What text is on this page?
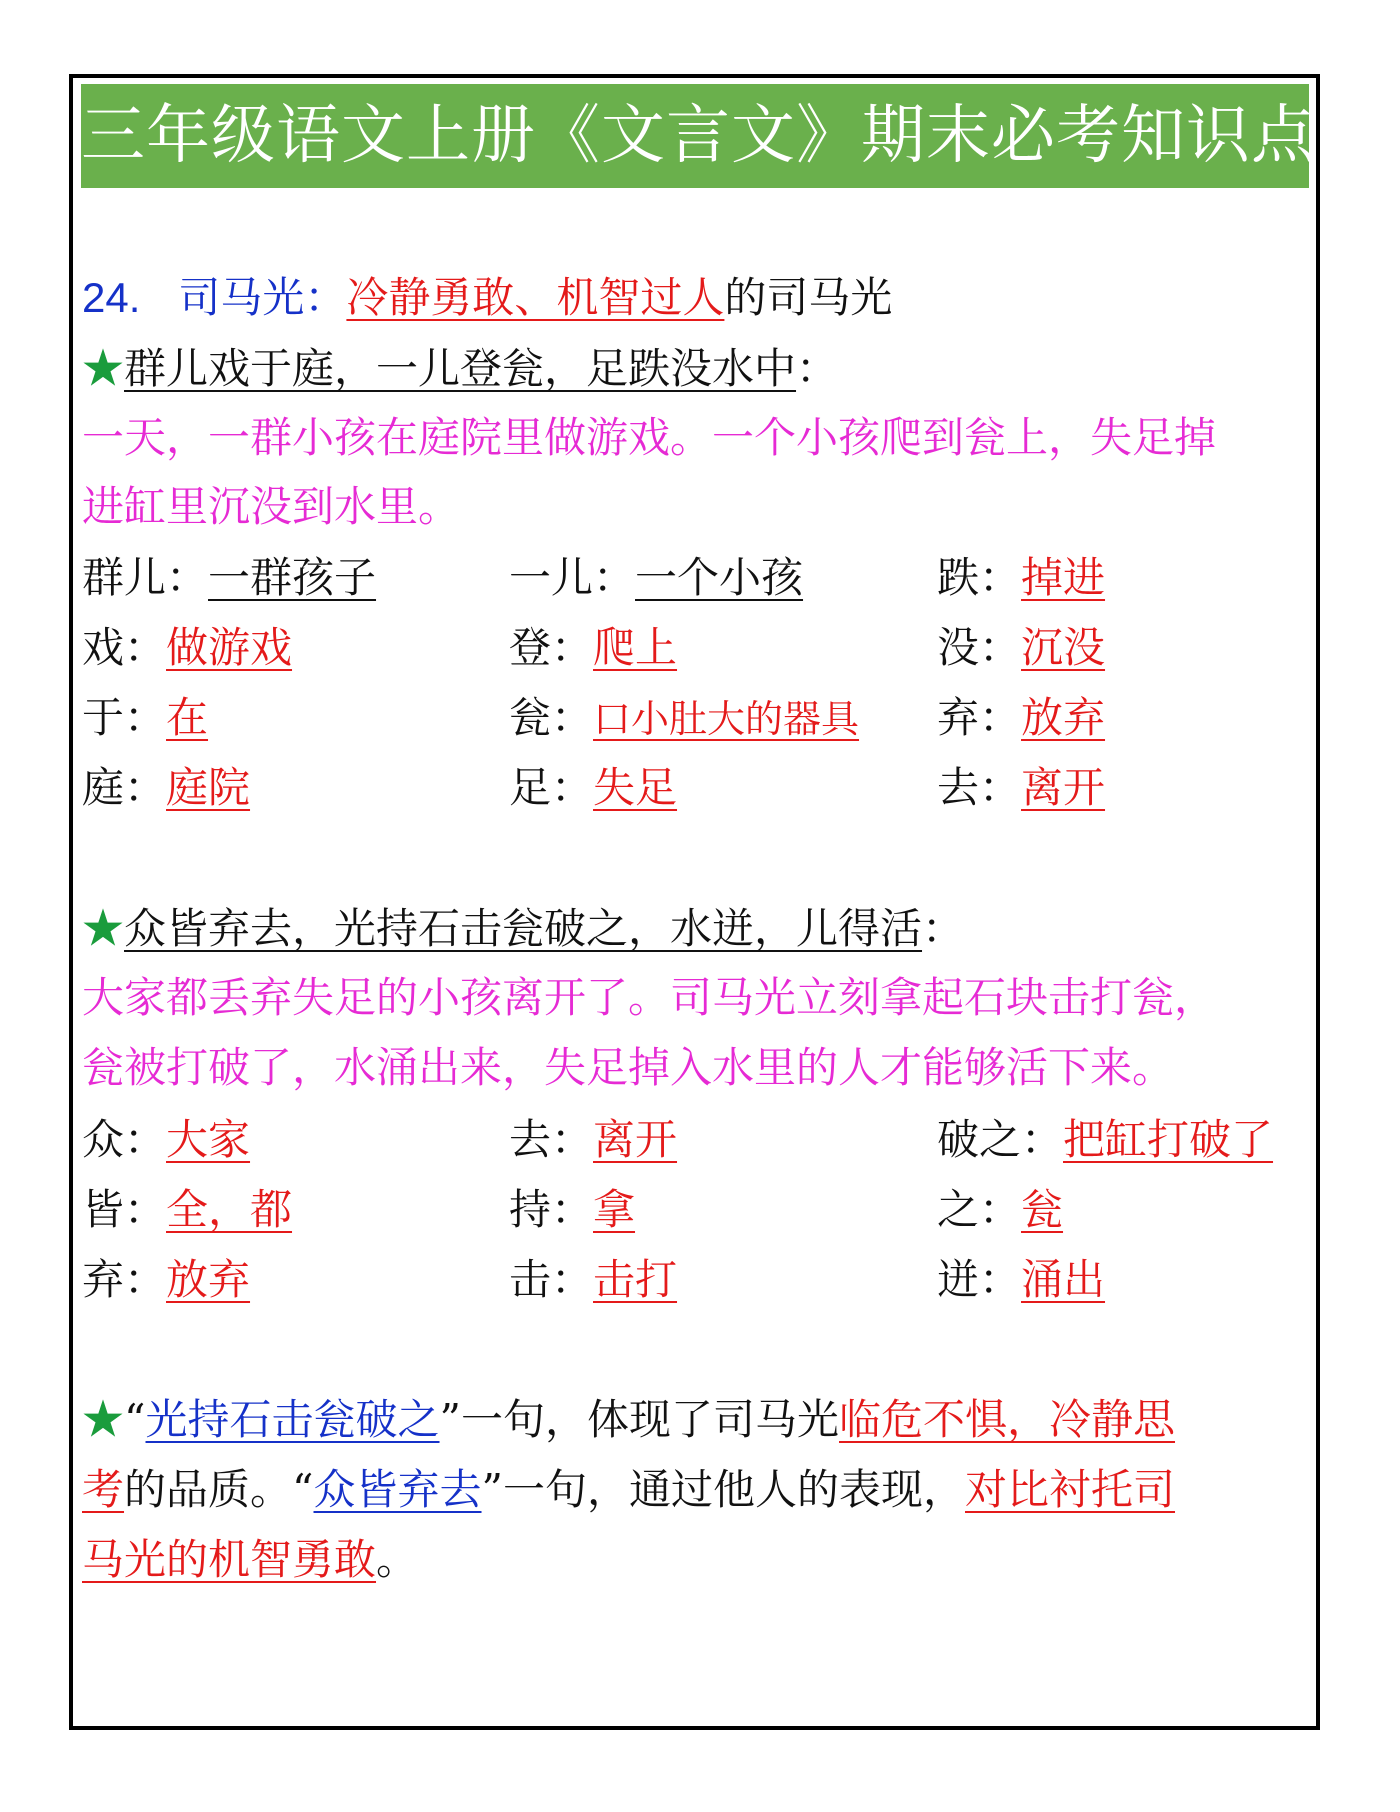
三年级语文上册《文言文》期末必考知识点
24. 司马光：冷静勇敢、机智过人的司马光
★群儿戏于庭，一儿登瓮，足跌没水中：
一天，一群小孩在庭院里做游戏。一个小孩爬到瓮上，失足掉
进缸里沉没到水里。
群儿：一群孩子	一儿：一个小孩	跌：掉进
戏：做游戏	登：爬上	没：沉没
于：在	瓮：口小肚大的器具 弃：放弃
庭：庭院	足：失足	去：离开
★众皆弃去，光持石击瓮破之，水迸，儿得活：
大家都丢弃失足的小孩离开了。司马光立刻拿起石块击打瓮，
瓮被打破了，水涌出来，失足掉入水里的人才能够活下来。
众：大家	去：离开	破之：把缸打破了
皆：全，都	持：拿	之：瓮
弃：放弃	击：击打	迸：涌出
★“光持石击瓮破之”一句，体现了司马光临危不惧，冷静思
考的品质。“众皆弃去”一句，通过他人的表现，对比衬托司
马光的机智勇敢。
